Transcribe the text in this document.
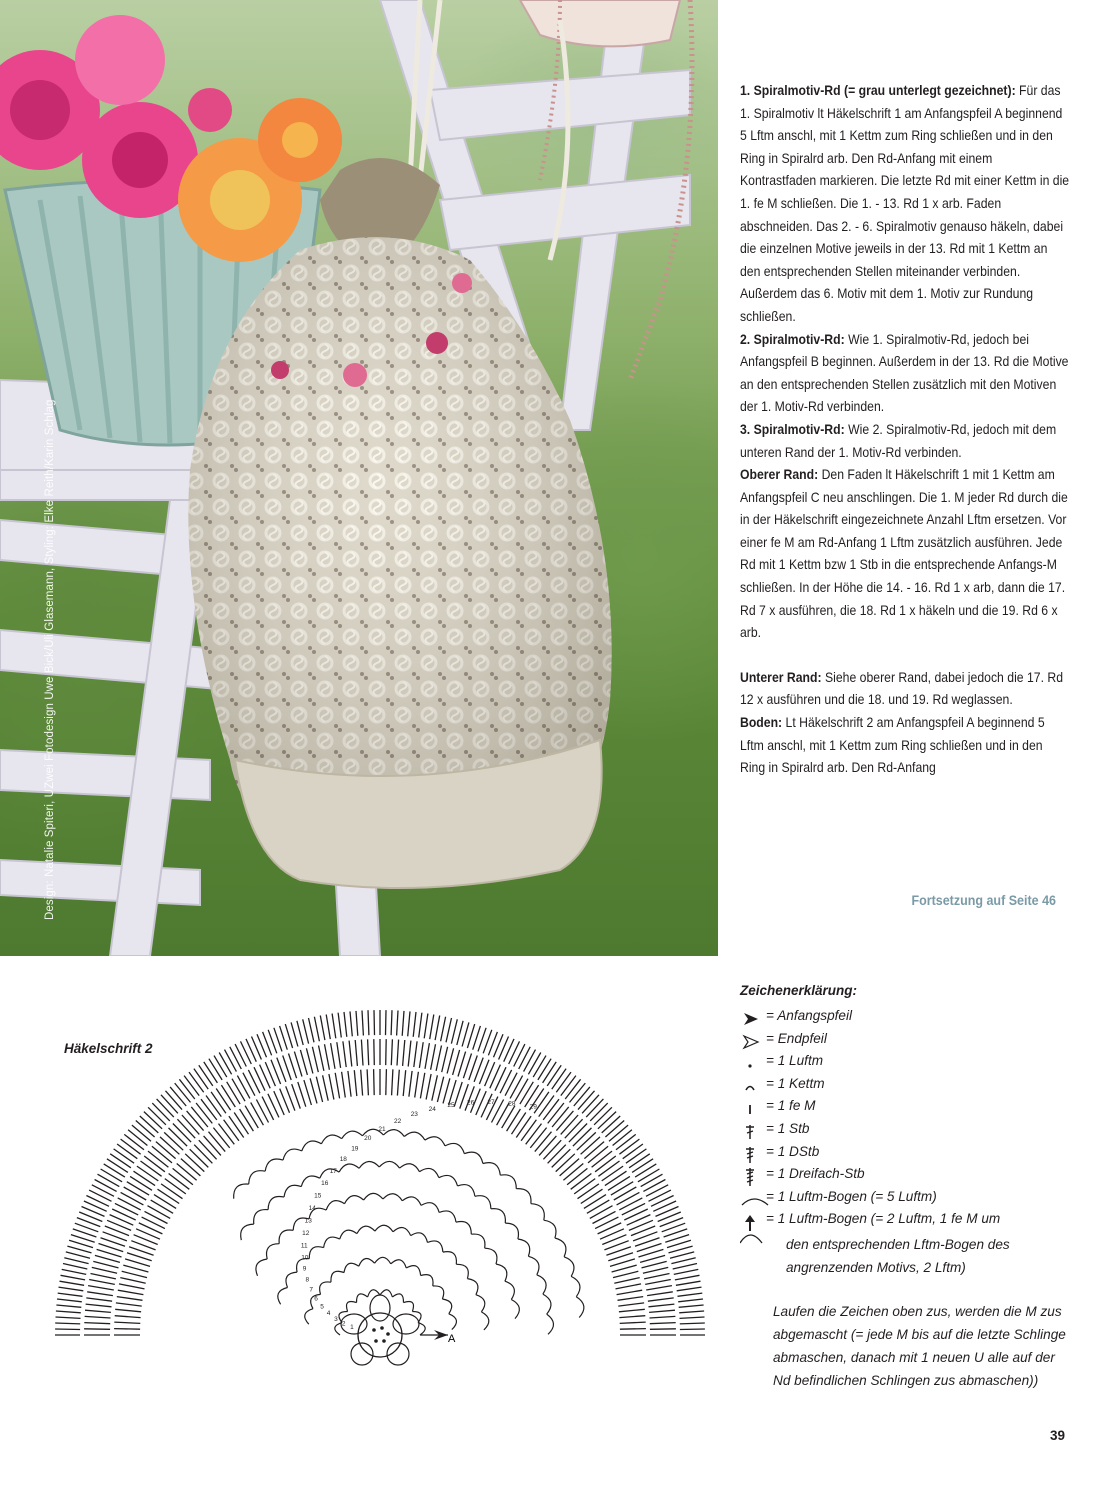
Design: Natalie Spiteri, UZwei Fotodesign Uwe Bick/Uli Glasemann, Styling: Elke Reith/Karin Schlag

1. Spiralmotiv-Rd (= grau unterlegt gezeichnet): Für das 1. Spiralmotiv lt Häkelschrift 1 am Anfangspfeil A beginnend 5 Lftm anschl, mit 1 Kettm zum Ring schließen und in den Ring in Spiralrd arb. Den Rd-Anfang mit einem Kontrastfaden markieren. Die letzte Rd mit einer Kettm in die 1. fe M schließen. Die 1. - 13. Rd 1 x arb. Faden abschneiden. Das 2. - 6. Spiralmotiv genauso häkeln, dabei die einzelnen Motive jeweils in der 13. Rd mit 1 Kettm an den entsprechenden Stellen miteinander verbinden. Außerdem das 6. Motiv mit dem 1. Motiv zur Rundung schließen.

2. Spiralmotiv-Rd: Wie 1. Spiralmotiv-Rd, jedoch bei Anfangspfeil B beginnen. Außerdem in der 13. Rd die Motive an den entsprechenden Stellen zusätzlich mit den Motiven der 1. Motiv-Rd verbinden.

3. Spiralmotiv-Rd: Wie 2. Spiralmotiv-Rd, jedoch mit dem unteren Rand der 1. Motiv-Rd verbinden.

Oberer Rand: Den Faden lt Häkelschrift 1 mit 1 Kettm am Anfangspfeil C neu anschlingen. Die 1. M jeder Rd durch die in der Häkelschrift eingezeichnete Anzahl Lftm ersetzen. Vor einer fe M am Rd-Anfang 1 Lftm zusätzlich ausführen. Jede Rd mit 1 Kettm bzw 1 Stb in die entsprechende Anfangs-M schließen. In der Höhe die 14. - 16. Rd 1 x arb, dann die 17. Rd 7 x ausführen, die 18. Rd 1 x häkeln und die 19. Rd 6 x arb.

Unterer Rand: Siehe oberer Rand, dabei jedoch die 17. Rd 12 x ausführen und die 18. und 19. Rd weglassen.

Boden: Lt Häkelschrift 2 am Anfangspfeil A beginnend 5 Lftm anschl, mit 1 Kettm zum Ring schließen und in den Ring in Spiralrd arb. Den Rd-Anfang

Fortsetzung auf Seite 46
Häkelschrift 2
A
1
2
3
4
5
6
7
8
9
10
11
12
13
14
15
16
17
18
19
20
21
22
23
24
25 26 27 28 29
Zeichenerklärung:
= Anfangspfeil
= Endpfeil
= 1 Luftm
= 1 Kettm
= 1 fe M
= 1 Stb
= 1 DStb
= 1 Dreifach-Stb
= 1 Luftm-Bogen (= 5 Luftm)
= 1 Luftm-Bogen (= 2 Luftm, 1 fe M um
den entsprechenden Lftm-Bogen des
angrenzenden Motivs, 2 Lftm)
Laufen die Zeichen oben zus, werden die M zus abgemascht (= jede M bis auf die letzte Schlinge abmaschen, danach mit 1 neuen U alle auf der Nd befindlichen Schlingen zus abmaschen))
39
